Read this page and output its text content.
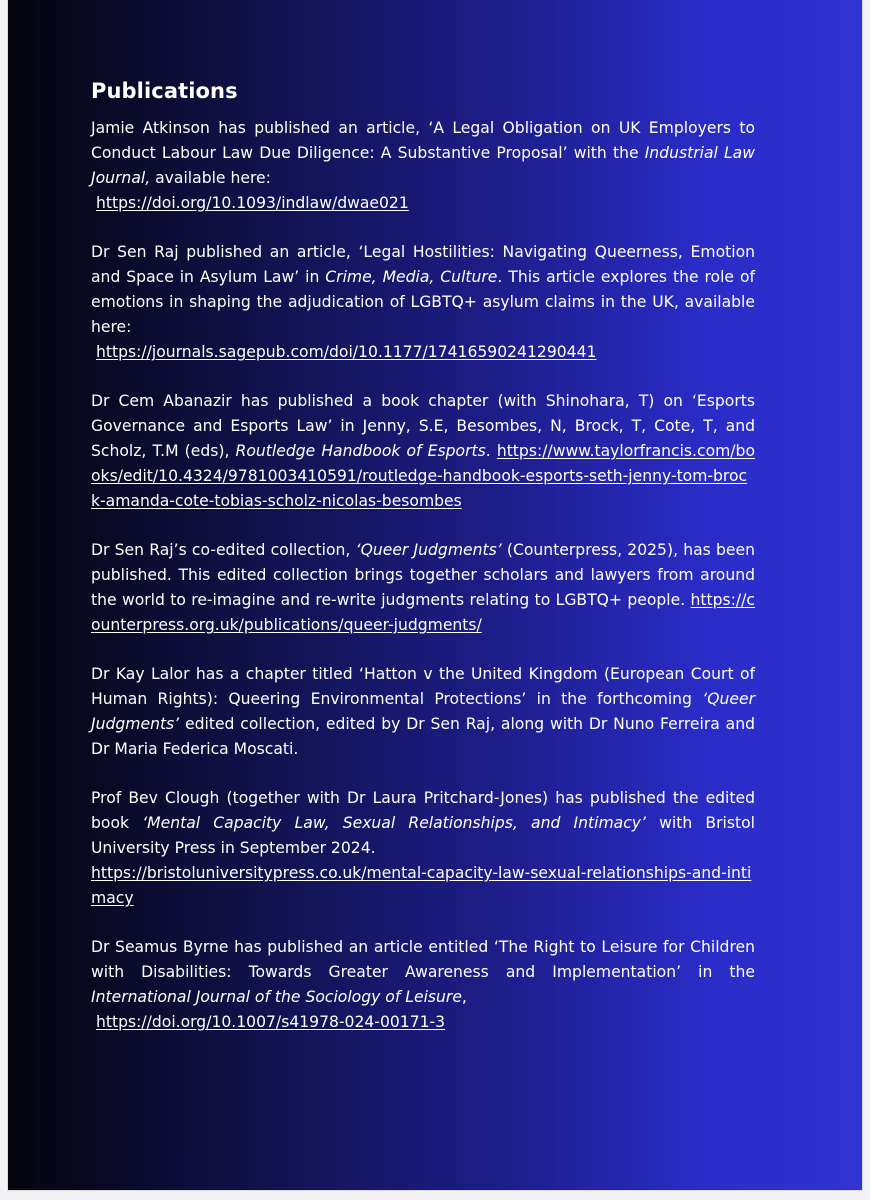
Publications

Jamie Atkinson has published an article, ‘A Legal Obligation on UK Employers to Conduct Labour Law Due Diligence: A Substantive Proposal’ with the Industrial Law Journal, available here:
https://doi.org/10.1093/indlaw/dwae021

Dr Sen Raj published an article, ‘Legal Hostilities: Navigating Queerness, Emotion and Space in Asylum Law’ in Crime, Media, Culture. This article explores the role of emotions in shaping the adjudication of LGBTQ+ asylum claims in the UK, available here:
https://journals.sagepub.com/doi/10.1177/17416590241290441

Dr Cem Abanazir has published a book chapter (with Shinohara, T) on ‘Esports Governance and Esports Law’ in Jenny, S.E, Besombes, N, Brock, T, Cote, T, and Scholz, T.M (eds), Routledge Handbook of Esports. https://www.taylorfrancis.com/books/edit/10.4324/9781003410591/routledge-handbook-esports-seth-jenny-tom-brock-amanda-cote-tobias-scholz-nicolas-besombes

Dr Sen Raj’s co-edited collection, ‘Queer Judgments’ (Counterpress, 2025), has been published. This edited collection brings together scholars and lawyers from around the world to re-imagine and re-write judgments relating to LGBTQ+ people. https://counterpress.org.uk/publications/queer-judgments/

Dr Kay Lalor has a chapter titled ‘Hatton v the United Kingdom (European Court of Human Rights): Queering Environmental Protections’ in the forthcoming ‘Queer Judgments’ edited collection, edited by Dr Sen Raj, along with Dr Nuno Ferreira and Dr Maria Federica Moscati.

Prof Bev Clough (together with Dr Laura Pritchard-Jones) has published the edited book ‘Mental Capacity Law, Sexual Relationships, and Intimacy’ with Bristol University Press in September 2024.
https://bristoluniversitypress.co.uk/mental-capacity-law-sexual-relationships-and-intimacy

Dr Seamus Byrne has published an article entitled ‘The Right to Leisure for Children with Disabilities: Towards Greater Awareness and Implementation’ in the International Journal of the Sociology of Leisure,
https://doi.org/10.1007/s41978-024-00171-3
